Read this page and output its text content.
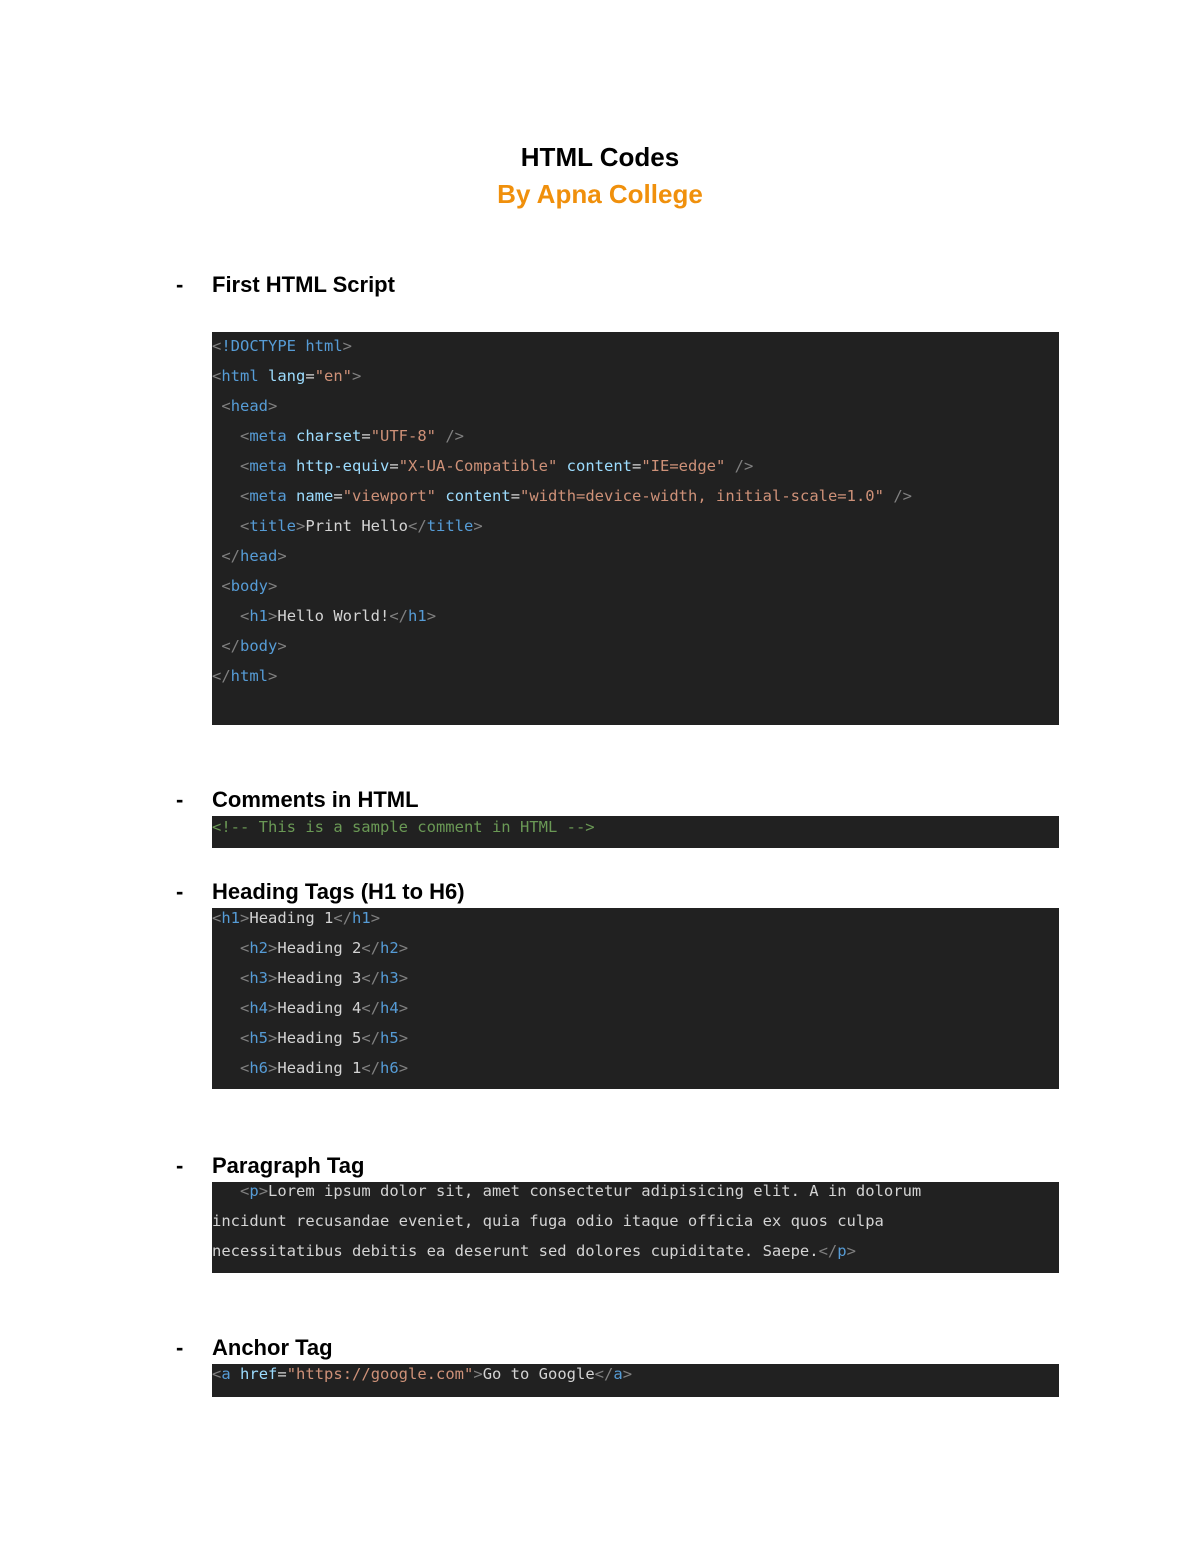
HTML Codes
By Apna College
- First HTML Script
<!DOCTYPE html>
<html lang="en">
<head>
<meta charset="UTF-8" />
<meta http-equiv="X-UA-Compatible" content="IE=edge" />
<meta name="viewport" content="width=device-width, initial-scale=1.0" />
<title>Print Hello</title>
</head>
<body>
<h1>Hello World!</h1>
</body>
</html>
- Comments in HTML
<!-- This is a sample comment in HTML -->
- Heading Tags (H1 to H6)
<h1>Heading 1</h1>
<h2>Heading 2</h2>
<h3>Heading 3</h3>
<h4>Heading 4</h4>
<h5>Heading 5</h5>
<h6>Heading 1</h6>
- Paragraph Tag
<p>Lorem ipsum dolor sit, amet consectetur adipisicing elit. A in dolorum
incidunt recusandae eveniet, quia fuga odio itaque officia ex quos culpa
necessitatibus debitis ea deserunt sed dolores cupiditate. Saepe.</p>
- Anchor Tag
<a href="https://google.com">Go to Google</a>
